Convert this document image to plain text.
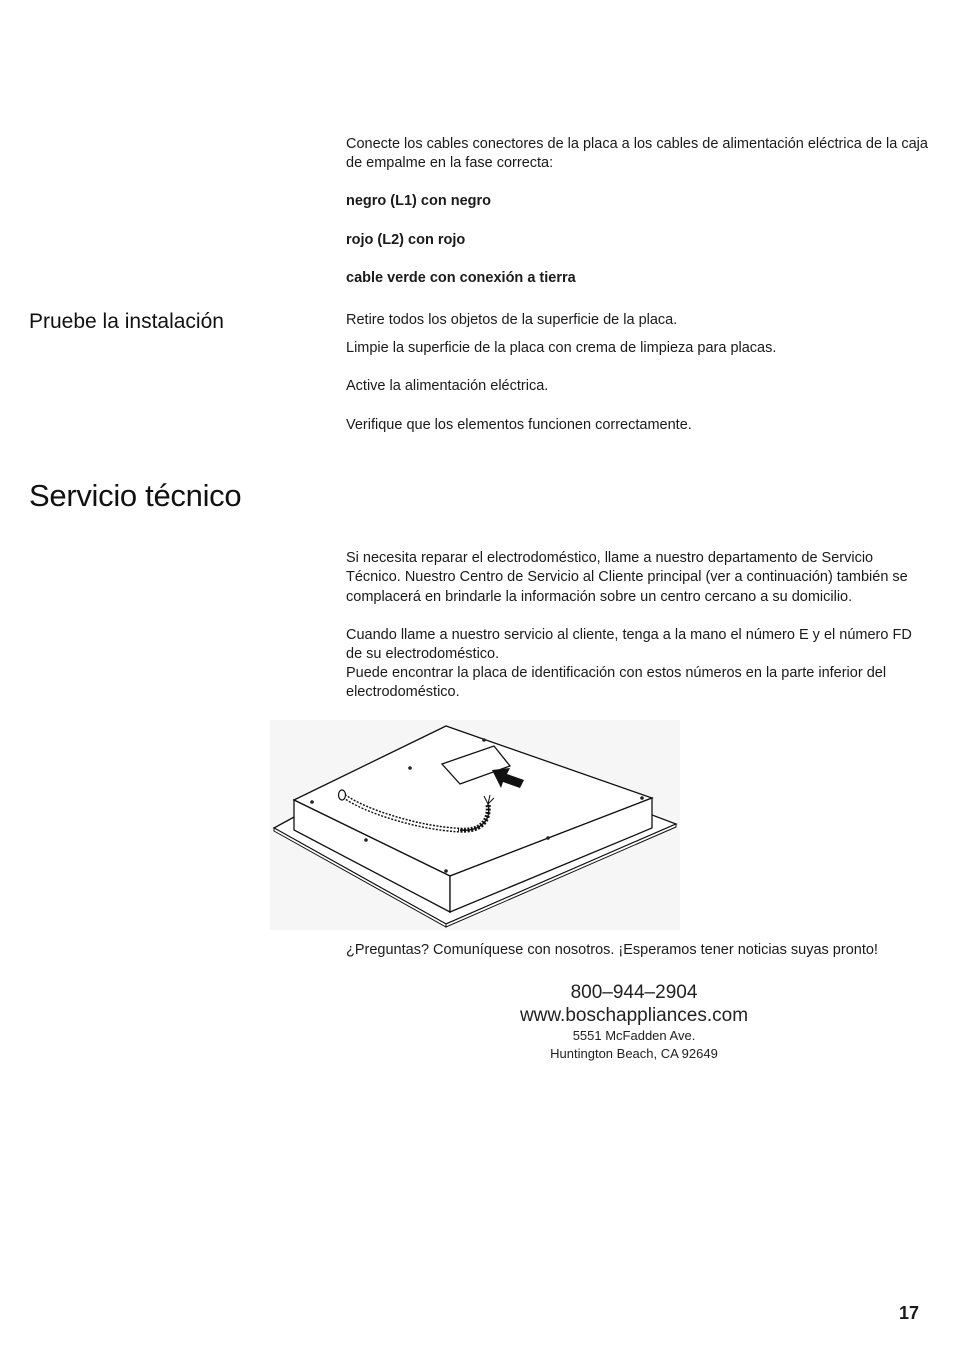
Conecte los cables conectores de la placa a los cables de alimentación eléctrica de la caja de empalme en la fase correcta:

negro (L1) con negro

rojo (L2) con rojo

cable verde con conexión a tierra

Pruebe la instalación	Retire todos los objetos de la superficie de la placa.

Limpie la superficie de la placa con crema de limpieza para placas.

Active la alimentación eléctrica.

Verifique que los elementos funcionen correctamente.

Servicio técnico

Si necesita reparar el electrodoméstico, llame a nuestro departamento de Servicio Técnico. Nuestro Centro de Servicio al Cliente principal (ver a continuación) también se complacerá en brindarle la información sobre un centro cercano a su domicilio.

Cuando llame a nuestro servicio al cliente, tenga a la mano el número E y el número FD de su electrodoméstico.

Puede encontrar la placa de identificación con estos números en la parte inferior del electrodoméstico.

¿Preguntas? Comuníquese con nosotros. ¡Esperamos tener noticias suyas pronto!

800–944–2904
www.boschappliances.com
5551 McFadden Ave.
Huntington Beach, CA 92649
17
